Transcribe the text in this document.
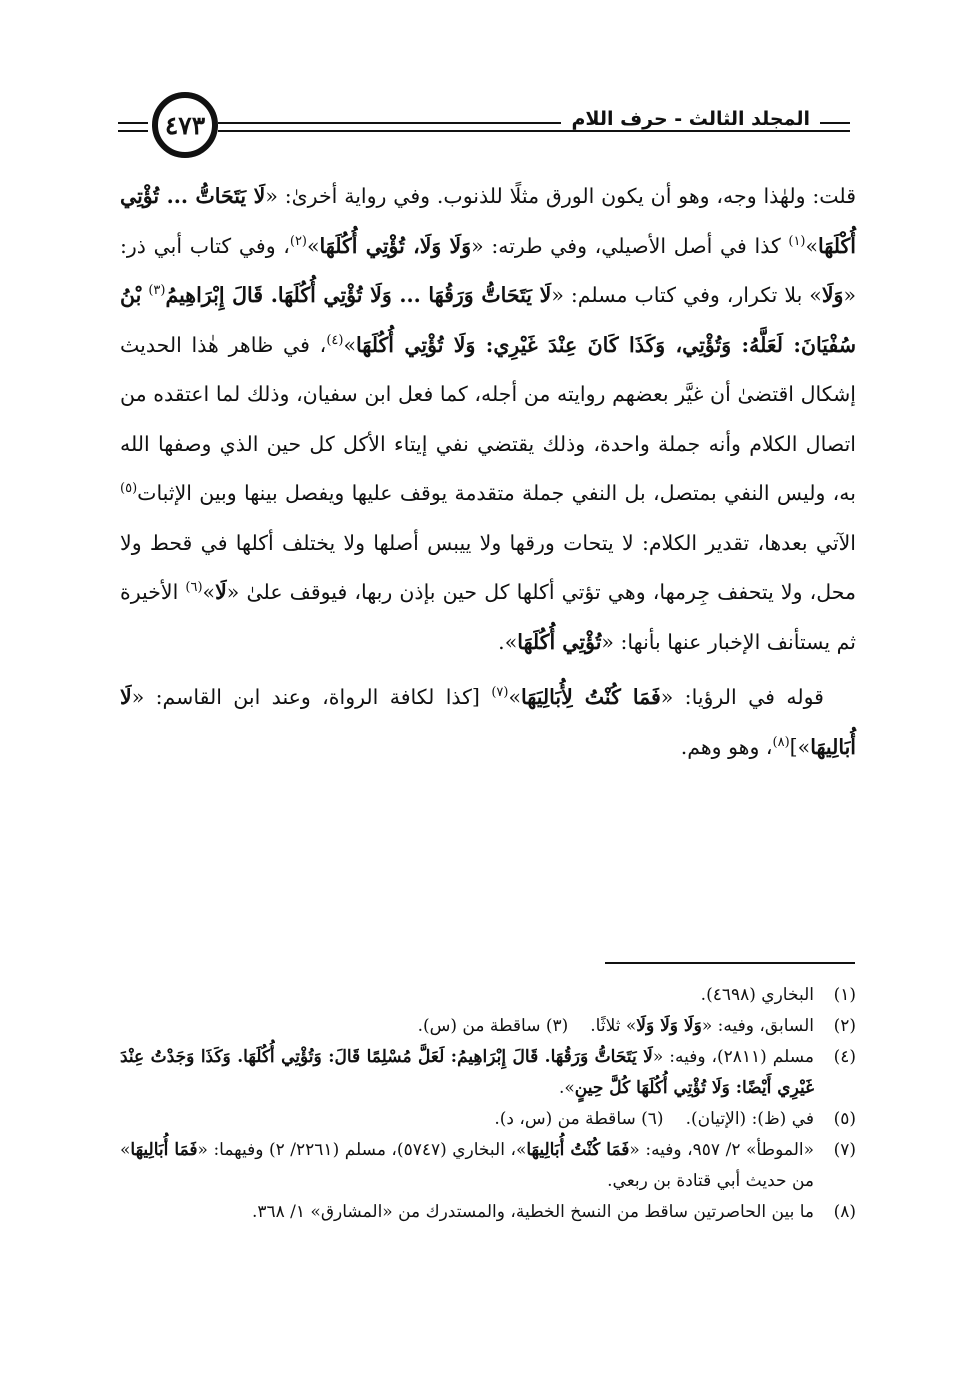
٤٧٣	المجلد الثالث - حرف اللام

قلت: ولهٰذا وجه، وهو أن يكون الورق مثلًا للذنوب. وفي رواية أخرىٰ: «لَا يَتَحَاتُّ ... تُؤْتِي أُكْلَهَا»$^{(١)}$ كذا في أصل الأصيلي، وفي طرته: «وَلَا وَلَا، تُؤْتِي أُكُلَهَا»$^{(٢)}$، وفي كتاب أبي ذر: «وَلَا» بلا تكرار، وفي كتاب مسلم: «لَا يَتَحَاتُّ وَرَقُهَا ... وَلَا تُؤْتِي أُكُلَهَا. قَالَ إِبْرَاهِيمُ$^{(٣)}$ بْنُ سُفْيَانَ: لَعَلَّهُ: وَتُؤْتِي، وَكَذَا كَانَ عِنْدَ غَيْرِي: وَلَا تُؤْتِي أُكُلَهَا»$^{(٤)}$، في ظاهر هٰذا الحديث إشكال اقتضىٰ أن غيَّر بعضهم روايته من أجله، كما فعل ابن سفيان، وذلك لما اعتقده من اتصال الكلام وأنه جملة واحدة، وذلك يقتضي نفي إيتاء الأكل كل حين الذي وصفها الله به، وليس النفي بمتصل، بل النفي جملة متقدمة يوقف عليها ويفصل بينها وبين الإثبات$^{(٥)}$ الآتي بعدها، تقدير الكلام: لا يتحات ورقها ولا ييبس أصلها ولا يختلف أكلها في قحط ولا محل، ولا يتحفف جِرمها، وهي تؤتي أكلها كل حين بإذن ربها، فيوقف علىٰ «لَا»$^{(٦)}$ الأخيرة ثم يستأنف الإخبار عنها بأنها: «تُؤْتِي أُكُلَهَا».

قوله في الرؤيا: «فَمَا كُنْتُ لِأُبَالِيَهَا»$^{(٧)}$ [كذا لكافة الرواة، وعند ابن القاسم: «لَا أُبَالِيهَا»]$^{(٨)}$، وهو وهم.

(١)
البخاري (٤٦٩٨).
(٢)
السابق، وفيه: «وَلَا وَلَا وَلَا» ثلاثًا.(٣) ساقطة من (س).
(٤)
مسلم (٢٨١١)، وفيه: «لَا يَتَحَاتُّ وَرَقُهَا. قَالَ إِبْرَاهِيمُ: لَعَلَّ مُسْلِمًا قَالَ: وَتُؤْتِي أُكُلَهَا. وَكَذَا وَجَدْتُ عِنْدَ غَيْرِي أَيْضًا: وَلَا تُؤْتِي أُكُلَهَا كُلَّ حِينٍ».
(٥)
في (ظ): (الإتيان).(٦) ساقطة من (س، د).
(٧)
«الموطأ» ٢/ ٩٥٧، وفيه: «فَمَا كُنْتُ أُبَالِيهَا»، البخاري (٥٧٤٧)، مسلم (٢٢٦١/ ٢) وفيهما: «فَمَا أُبَالِيهَا» من حديث أبي قتادة بن ربعي.
(٨)
ما بين الحاصرتين ساقط من النسخ الخطية، والمستدرك من «المشارق» ١/ ٣٦٨.
